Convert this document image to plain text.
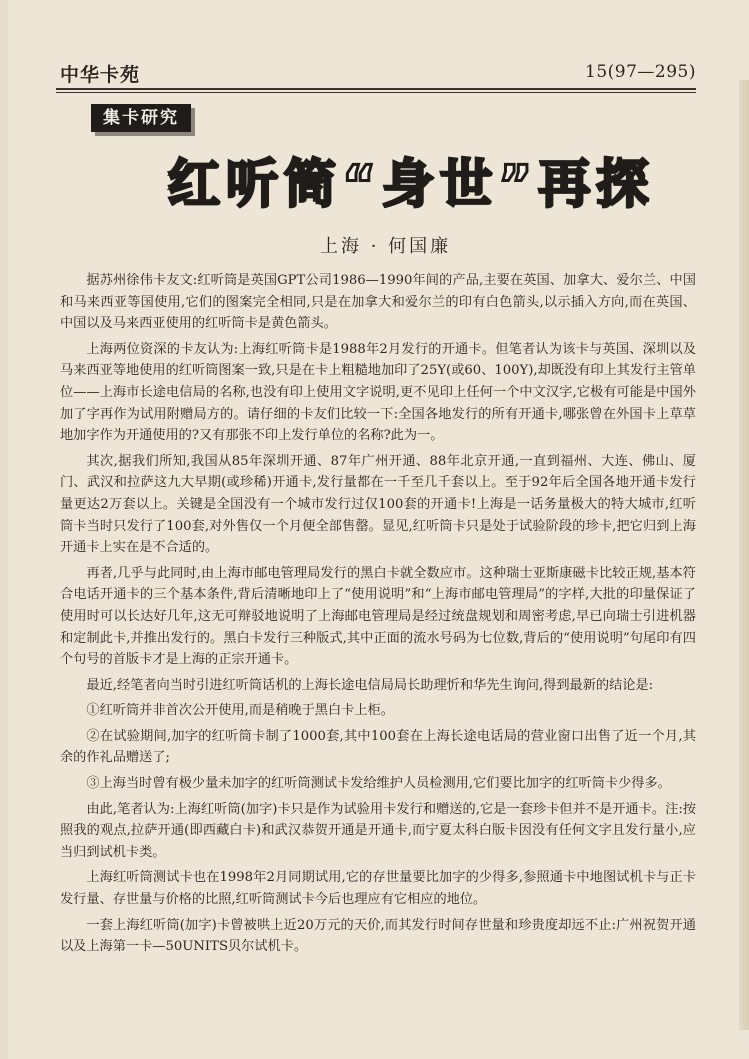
中华卡苑	15(97—295)
集卡研究
红听筒“身世”再探
上海 · 何国廉

据苏州徐伟卡友文:红听筒是英国GPT公司1986—1990年间的产品,主要在英国、加拿大、爱尔兰、中国和马来西亚等国使用,它们的图案完全相同,只是在加拿大和爱尔兰的印有白色箭头,以示插入方向,而在英国、中国以及马来西亚使用的红听筒卡是黄色箭头。

上海两位资深的卡友认为:上海红听筒卡是1988年2月发行的开通卡。但笔者认为该卡与英国、深圳以及马来西亚等地使用的红听筒图案一致,只是在卡上粗糙地加印了25Y(或60、100Y),却既没有印上其发行主管单位——上海市长途电信局的名称,也没有印上使用文字说明,更不见印上任何一个中文汉字,它极有可能是中国外加了字再作为试用附赠局方的。请仔细的卡友们比较一下:全国各地发行的所有开通卡,哪张曾在外国卡上草草地加字作为开通使用的?又有那张不印上发行单位的名称?此为一。

其次,据我们所知,我国从85年深圳开通、87年广州开通、88年北京开通,一直到福州、大连、佛山、厦门、武汉和拉萨这九大早期(或珍稀)开通卡,发行量都在一千至几千套以上。至于92年后全国各地开通卡发行量更达2万套以上。关键是全国没有一个城市发行过仅100套的开通卡!上海是一话务量极大的特大城市,红听筒卡当时只发行了100套,对外售仅一个月便全部售罄。显见,红听筒卡只是处于试验阶段的珍卡,把它归到上海开通卡上实在是不合适的。

再者,几乎与此同时,由上海市邮电管理局发行的黑白卡就全数应市。这种瑞士亚斯康磁卡比较正规,基本符合电话开通卡的三个基本条件,背后清晰地印上了“使用说明”和“上海市邮电管理局”的字样,大批的印量保证了使用时可以长达好几年,这无可辩驳地说明了上海邮电管理局是经过统盘规划和周密考虑,早已向瑞士引进机器和定制此卡,并推出发行的。黑白卡发行三种版式,其中正面的流水号码为七位数,背后的“使用说明”句尾印有四个句号的首版卡才是上海的正宗开通卡。

最近,经笔者向当时引进红听筒话机的上海长途电信局局长助理忻和华先生询问,得到最新的结论是:

①红听筒并非首次公开使用,而是稍晚于黑白卡上柜。

②在试验期间,加字的红听筒卡制了1000套,其中100套在上海长途电话局的营业窗口出售了近一个月,其余的作礼品赠送了;

③上海当时曾有极少量未加字的红听筒测试卡发给维护人员检测用,它们要比加字的红听筒卡少得多。

由此,笔者认为:上海红听筒(加字)卡只是作为试验用卡发行和赠送的,它是一套珍卡但并不是开通卡。注:按照我的观点,拉萨开通(即西藏白卡)和武汉恭贺开通是开通卡,而宁夏太科白版卡因没有任何文字且发行量小,应当归到试机卡类。

上海红听筒测试卡也在1998年2月同期试用,它的存世量要比加字的少得多,参照通卡中地图试机卡与正卡发行量、存世量与价格的比照,红听筒测试卡今后也理应有它相应的地位。

一套上海红听筒(加字)卡曾被哄上近20万元的天价,而其发行时间存世量和珍贵度却远不止:广州祝贺开通以及上海第一卡—50UNITS贝尔试机卡。
